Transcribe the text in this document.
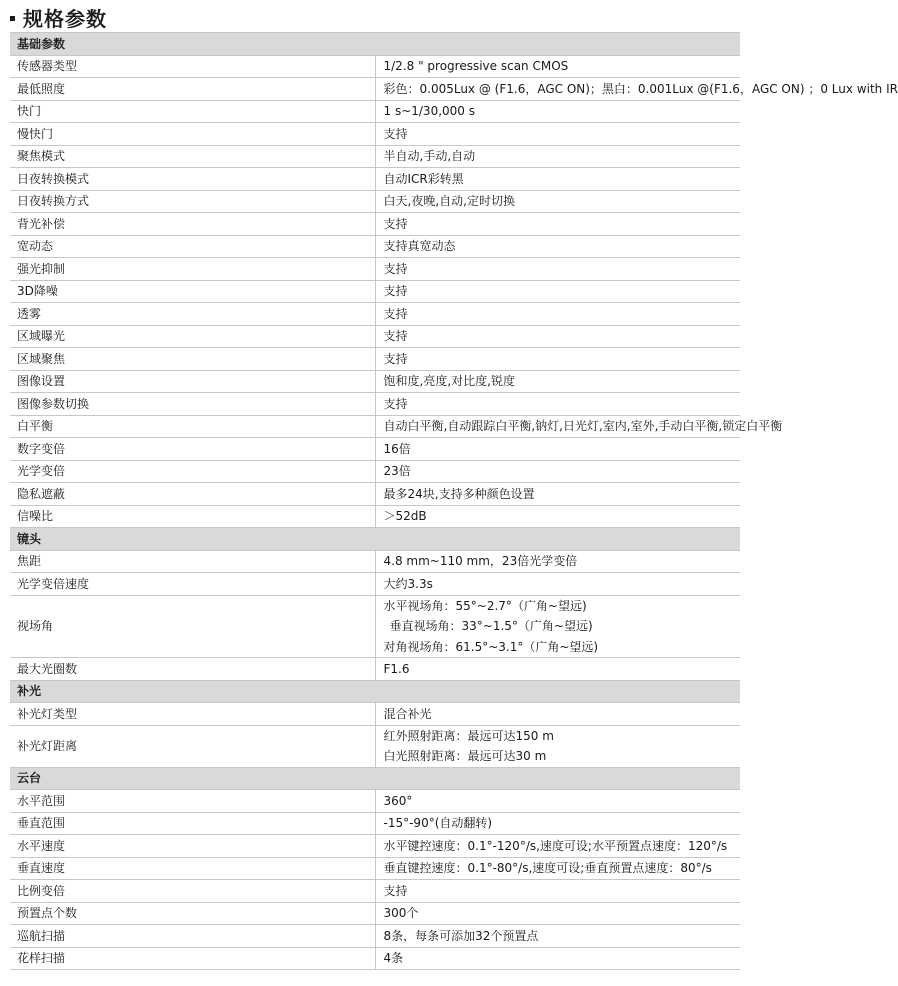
规格参数
基础参数	
传感器类型	1/2.8 " progressive scan CMOS
最低照度	彩色：0.005Lux @ (F1.6，AGC ON)；黑白：0.001Lux @(F1.6，AGC ON) ；0 Lux with IR
快门	1 s~1/30,000 s
慢快门	支持
聚焦模式	半自动,手动,自动
日夜转换模式	自动ICR彩转黑
日夜转换方式	白天,夜晚,自动,定时切换
背光补偿	支持
宽动态	支持真宽动态
强光抑制	支持
3D降噪	支持
透雾	支持
区域曝光	支持
区域聚焦	支持
图像设置	饱和度,亮度,对比度,锐度
图像参数切换	支持
白平衡	自动白平衡,自动跟踪白平衡,钠灯,日光灯,室内,室外,手动白平衡,锁定白平衡
数字变倍	16倍
光学变倍	23倍
隐私遮蔽	最多24块,支持多种颜色设置
信噪比	＞52dB
镜头	
焦距	4.8 mm~110 mm，23倍光学变倍
光学变倍速度	大约3.3s
视场角	水平视场角：55°~2.7°（广角~望远)
垂直视场角：33°~1.5°（广角~望远)
对角视场角：61.5°~3.1°（广角~望远)

最大光圈数	F1.6
补光	
补光灯类型	混合补光
补光灯距离	红外照射距离：最远可达150 m
白光照射距离：最远可达30 m

云台	
水平范围	360°
垂直范围	-15°-90°(自动翻转)
水平速度	水平键控速度：0.1°-120°/s,速度可设;水平预置点速度：120°/s
垂直速度	垂直键控速度：0.1°-80°/s,速度可设;垂直预置点速度：80°/s
比例变倍	支持
预置点个数	300个
巡航扫描	8条，每条可添加32个预置点
花样扫描	4条
